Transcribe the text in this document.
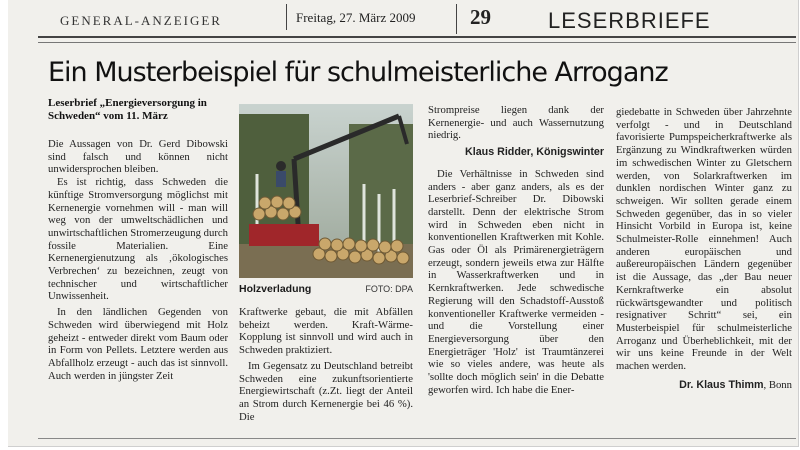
GENERAL-ANZEIGER	Freitag, 27. März 2009	29	LESERBRIEFE
Ein Musterbeispiel für schulmeisterliche Arroganz
Leserbrief „Energieversorgung in Schweden“ vom 11. März

Die Aussagen von Dr. Gerd Dibowski sind falsch und können nicht unwidersprochen bleiben.

Es ist richtig, dass Schweden die künftige Stromversorgung möglichst mit Kernenergie vornehmen will - man will weg von der umweltschädlichen und unwirtschaftlichen Stromerzeugung durch fossile Materialien. Eine Kernenergienutzung als ‚ökologisches Verbrechen‘ zu bezeichnen, zeugt von technischer und wirtschaftlicher Unwissenheit.

In den ländlichen Gegenden von Schweden wird überwiegend mit Holz geheizt - entweder direkt vom Baum oder in Form von Pellets. Letztere werden aus Abfallholz erzeugt - auch das ist sinnvoll. Auch werden in jüngster Zeit

Holzverladung	FOTO: DPA

Kraftwerke gebaut, die mit Abfällen beheizt werden. Kraft-Wärme-Kopplung ist sinnvoll und wird auch in Schweden praktiziert.

Im Gegensatz zu Deutschland betreibt Schweden eine zukunftsorientierte Energiewirtschaft (z.Zt. liegt der Anteil an Strom durch Kernenergie bei 46 %). Die

Strompreise liegen dank der Kernenergie- und auch Wassernutzung niedrig.

Klaus Ridder, Königswinter

Die Verhältnisse in Schweden sind anders - aber ganz anders, als es der Leserbrief-Schreiber Dr. Dibowski darstellt. Denn der elektrische Strom wird in Schweden eben nicht in konventionellen Kraftwerken mit Kohle. Gas oder Öl als Primärenergieträgern erzeugt, sondern jeweils etwa zur Hälfte in Wasserkraftwerken und in Kernkraftwerken. Jede schwedische Regierung will den Schadstoff-Ausstoß konventioneller Kraftwerke vermeiden - und die Vorstellung einer Energieversorgung über den Energieträger 'Holz' ist Traumtänzerei wie so vieles andere, was heute als 'sollte doch möglich sein' in die Debatte geworfen wird. Ich habe die Ener-

giedebatte in Schweden über Jahrzehnte verfolgt - und in Deutschland favorisierte Pumpspeicherkraftwerke als Ergänzung zu Windkraftwerken würden im schwedischen Winter zu Gletschern werden, von Solarkraftwerken im dunklen nordischen Winter ganz zu schweigen. Wir sollten gerade einem Schweden gegenüber, das in so vieler Hinsicht Vorbild in Europa ist, keine Schulmeister-Rolle einnehmen! Auch anderen europäischen und außereuropäischen Ländern gegenüber ist die Aussage, das „der Bau neuer Kernkraftwerke ein absolut rückwärtsgewandter und politisch resignativer Schritt“ sei, ein Musterbeispiel für schulmeisterliche Arroganz und Überheblichkeit, mit der wir uns keine Freunde in der Welt machen werden.

Dr. Klaus Thimm, Bonn
